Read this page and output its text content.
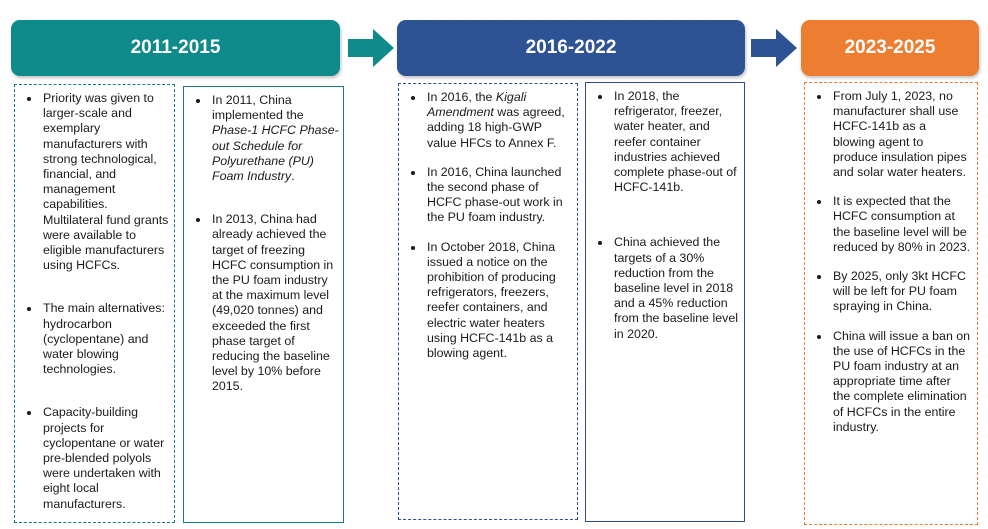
2011-2015	2016-2022	2023-2025
• Priority was given to larger-scale and exemplary manufacturers with strong technological, financial, and management capabilities. Multilateral fund grants were available to eligible manufacturers using HCFCs.
• The main alternatives: hydrocarbon (cyclopentane) and water blowing technologies.
• Capacity-building projects for cyclopentane or water pre-blended polyols were undertaken with eight local manufacturers.
• In 2011, China implemented the Phase-1 HCFC Phase-out Schedule for Polyurethane (PU) Foam Industry.
• In 2013, China had already achieved the target of freezing HCFC consumption in the PU foam industry at the maximum level (49,020 tonnes) and exceeded the first phase target of reducing the baseline level by 10% before 2015.
• In 2016, the Kigali Amendment was agreed, adding 18 high-GWP value HFCs to Annex F.
• In 2016, China launched the second phase of HCFC phase-out work in the PU foam industry.
• In October 2018, China issued a notice on the prohibition of producing refrigerators, freezers, reefer containers, and electric water heaters using HCFC-141b as a blowing agent.
• In 2018, the refrigerator, freezer, water heater, and reefer container industries achieved complete phase-out of HCFC-141b.
• China achieved the targets of a 30% reduction from the baseline level in 2018 and a 45% reduction from the baseline level in 2020.
• From July 1, 2023, no manufacturer shall use HCFC-141b as a blowing agent to produce insulation pipes and solar water heaters.
• It is expected that the HCFC consumption at the baseline level will be reduced by 80% in 2023.
• By 2025, only 3kt HCFC will be left for PU foam spraying in China.
• China will issue a ban on the use of HCFCs in the PU foam industry at an appropriate time after the complete elimination of HCFCs in the entire industry.
